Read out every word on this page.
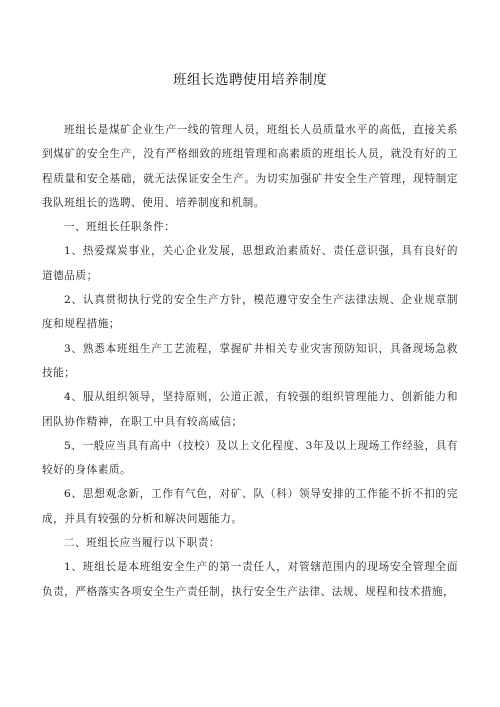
班组长选聘使用培养制度

班组长是煤矿企业生产一线的管理人员，班组长人员质量水平的高低，直接关系到煤矿的安全生产，没有严格细致的班组管理和高素质的班组长人员，就没有好的工程质量和安全基础，就无法保证安全生产。为切实加强矿井安全生产管理，现特制定我队班组长的选聘、使用、培养制度和机制。

一、班组长任职条件：

1、热爱煤炭事业，关心企业发展，思想政治素质好、责任意识强，具有良好的道德品质；

2、认真贯彻执行党的安全生产方针，模范遵守安全生产法律法规、企业规章制度和规程措施；

3、熟悉本班组生产工艺流程，掌握矿井相关专业灾害预防知识，具备现场急救技能；

4、服从组织领导，坚持原则，公道正派，有较强的组织管理能力、创新能力和团队协作精神，在职工中具有较高威信；

5、一般应当具有高中（技校）及以上文化程度、3年及以上现场工作经验，具有较好的身体素质。

6、思想观念新，工作有气色，对矿、队（科）领导安排的工作能不折不扣的完成，并具有较强的分析和解决问题能力。

二、班组长应当履行以下职责：

1、班组长是本班组安全生产的第一责任人，对管辖范围内的现场安全管理全面负责，严格落实各项安全生产责任制，执行安全生产法律、法规、规程和技术措施，
